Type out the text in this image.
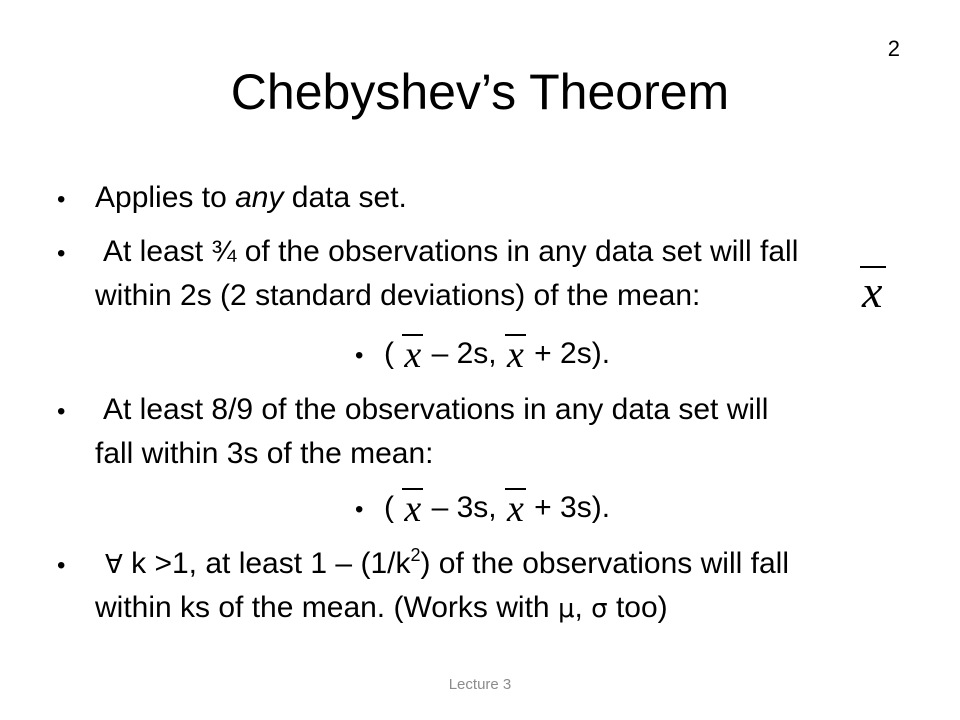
2
Chebyshev’s Theorem
• Applies to any data set.
• At least ¾ of the observations in any data set will fall
within 2s (2 standard deviations) of the mean:	x
• ( x – 2s, x + 2s).
• At least 8/9 of the observations in any data set will
fall within 3s of the mean:
• ( x – 3s, x + 3s).
• ∀ k >1, at least $1 - (1/k^2)$ of the observations will fall
within ks of the mean. (Works with μ, σ too)
Lecture 3
